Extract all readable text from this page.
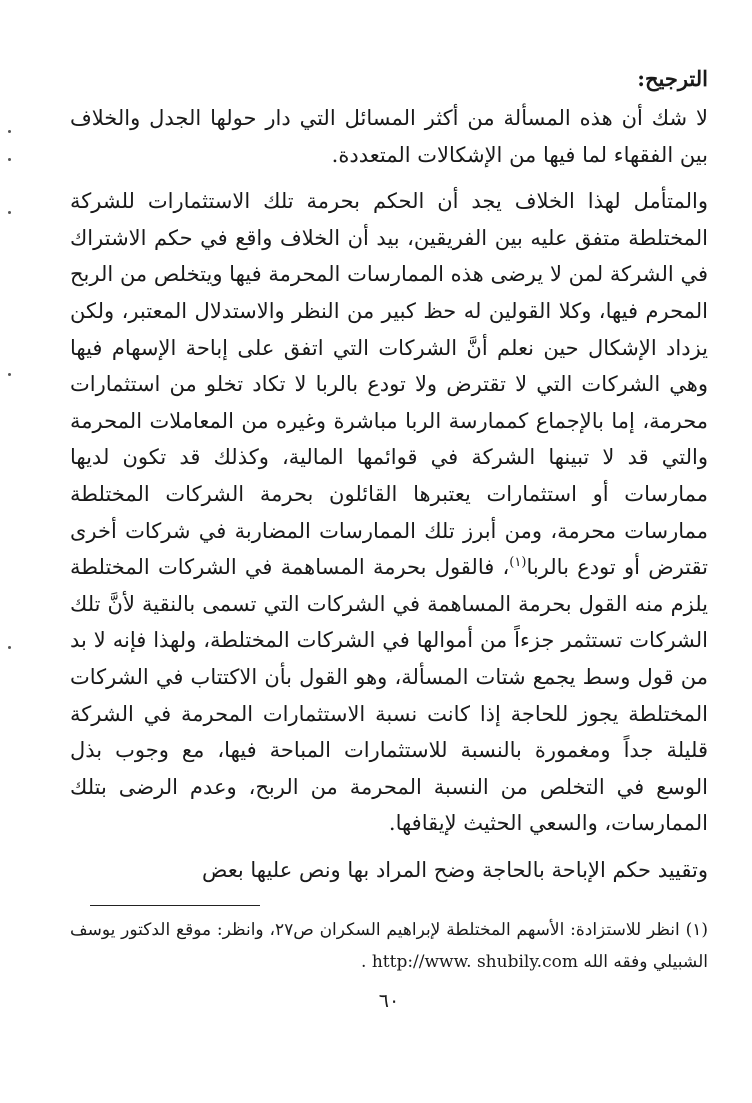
الترجيح:

لا شك أن هذه المسألة من أكثر المسائل التي دار حولها الجدل والخلاف بين الفقهاء لما فيها من الإشكالات المتعددة.

والمتأمل لهذا الخلاف يجد أن الحكم بحرمة تلك الاستثمارات للشركة المختلطة متفق عليه بين الفريقين، بيد أن الخلاف واقع في حكم الاشتراك في الشركة لمن لا يرضى هذه الممارسات المحرمة فيها ويتخلص من الربح المحرم فيها، وكلا القولين له حظ كبير من النظر والاستدلال المعتبر، ولكن يزداد الإشكال حين نعلم أنَّ الشركات التي اتفق على إباحة الإسهام فيها وهي الشركات التي لا تقترض ولا تودع بالربا لا تكاد تخلو من استثمارات محرمة، إما بالإجماع كممارسة الربا مباشرة وغيره من المعاملات المحرمة والتي قد لا تبينها الشركة في قوائمها المالية، وكذلك قد تكون لديها ممارسات أو استثمارات يعتبرها القائلون بحرمة الشركات المختلطة ممارسات محرمة، ومن أبرز تلك الممارسات المضاربة في شركات أخرى تقترض أو تودع بالربا$^{(١)}$، فالقول بحرمة المساهمة في الشركات المختلطة يلزم منه القول بحرمة المساهمة في الشركات التي تسمى بالنقية لأنَّ تلك الشركات تستثمر جزءاً من أموالها في الشركات المختلطة، ولهذا فإنه لا بد من قول وسط يجمع شتات المسألة، وهو القول بأن الاكتتاب في الشركات المختلطة يجوز للحاجة إذا كانت نسبة الاستثمارات المحرمة في الشركة قليلة جداً ومغمورة بالنسبة للاستثمارات المباحة فيها، مع وجوب بذل الوسع في التخلص من النسبة المحرمة من الربح، وعدم الرضى بتلك الممارسات، والسعي الحثيث لإيقافها.

وتقييد حكم الإباحة بالحاجة وضح المراد بها ونص عليها بعض

(١) انظر للاستزادة: الأسهم المختلطة لإبراهيم السكران ص٢٧، وانظر: موقع الدكتور يوسف الشبيلي وفقه الله http://www. shubily.com .
٦٠
